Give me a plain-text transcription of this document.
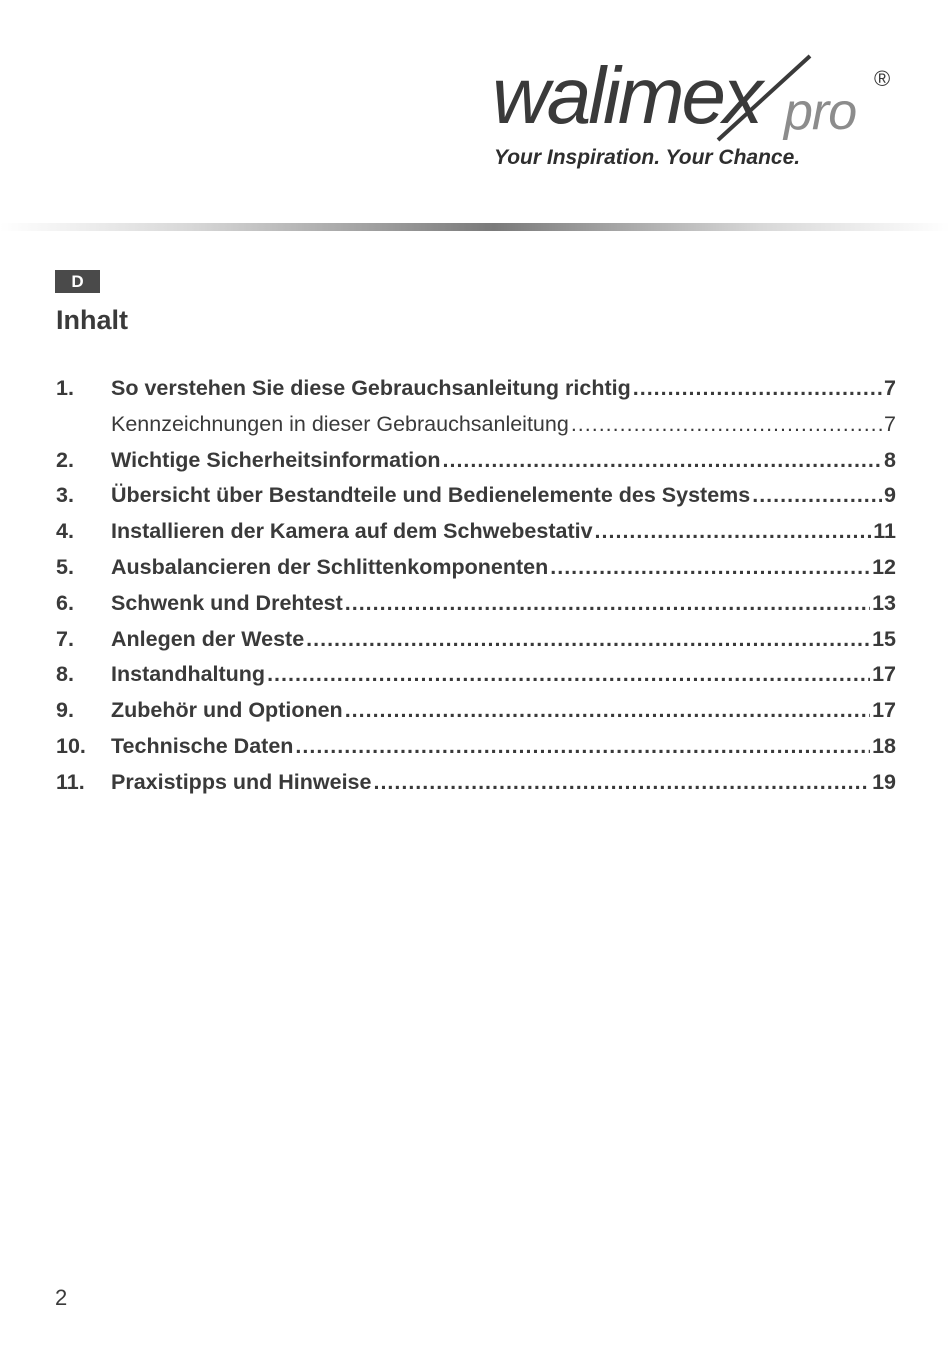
walimex pro
®
Your Inspiration. Your Chance.
D
Inhalt
1.	So verstehen Sie diese Gebrauchsanleitung richtig .....	7
Kennzeichnungen in dieser Gebrauchsanleitung .....	7
2.	Wichtige Sicherheitsinformation .....	8
3.	Übersicht über Bestandteile und Bedienelemente des Systems .....	9
4.	Installieren der Kamera auf dem Schwebestativ .....	11
5.	Ausbalancieren der Schlittenkomponenten .....	12
6.	Schwenk und Drehtest .....	13
7.	Anlegen der Weste .....	15
8.	Instandhaltung .....	17
9.	Zubehör und Optionen .....	17
10.	Technische Daten .....	18
11.	Praxistipps und Hinweise .....	19
2
